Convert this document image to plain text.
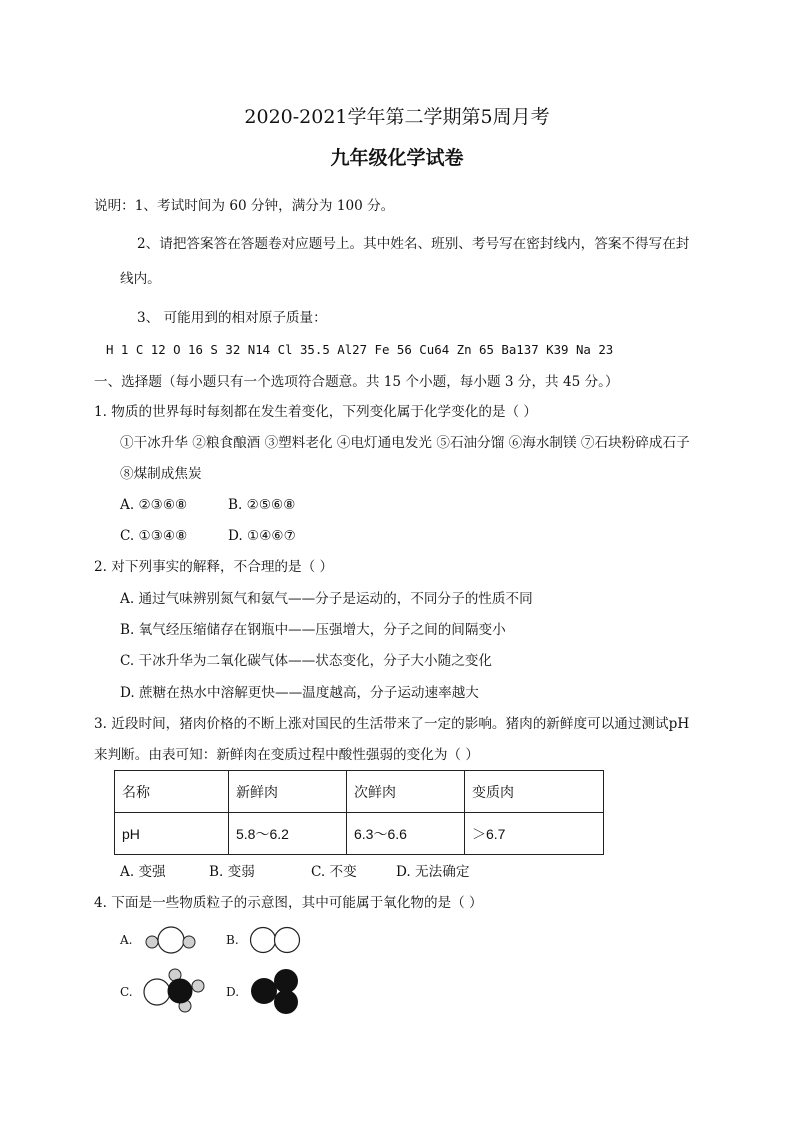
2020-2021学年第二学期第5周月考
九年级化学试卷
说明：1、考试时间为 60 分钟，满分为 100 分。
2、请把答案答在答题卷对应题号上。其中姓名、班别、考号写在密封线内，答案不得写在封
线内。
3、 可能用到的相对原子质量：
H 1 C 12 O 16 S 32 N14 Cl 35.5 Al27 Fe 56 Cu64 Zn 65 Ba137 K39 Na 23
一、选择题（每小题只有一个选项符合题意。共 15 个小题，每小题 3 分，共 45 分。）
1. 物质的世界每时每刻都在发生着变化，下列变化属于化学变化的是（ ）
①干冰升华 ②粮食酿酒 ③塑料老化 ④电灯通电发光 ⑤石油分馏 ⑥海水制镁 ⑦石块粉碎成石子
⑧煤制成焦炭
A. ②③⑥⑧	B. ②⑤⑥⑧
C. ①③④⑧	D. ①④⑥⑦
2. 对下列事实的解释，不合理的是（ ）
A. 通过气味辨别氮气和氨气——分子是运动的，不同分子的性质不同
B. 氧气经压缩储存在钢瓶中——压强增大，分子之间的间隔变小
C. 干冰升华为二氧化碳气体——状态变化，分子大小随之变化
D. 蔗糖在热水中溶解更快——温度越高，分子运动速率越大
3. 近段时间，猪肉价格的不断上涨对国民的生活带来了一定的影响。猪肉的新鲜度可以通过测试pH
来判断。由表可知：新鲜肉在变质过程中酸性强弱的变化为（ ）
名称	新鲜肉	次鲜肉	变质肉
pH	5.8～6.2	6.3～6.6	＞6.7
A. 变强	B. 变弱	C. 不变	D. 无法确定
4. 下面是一些物质粒子的示意图，其中可能属于氧化物的是（ ）
A.	B.
C.	D.
